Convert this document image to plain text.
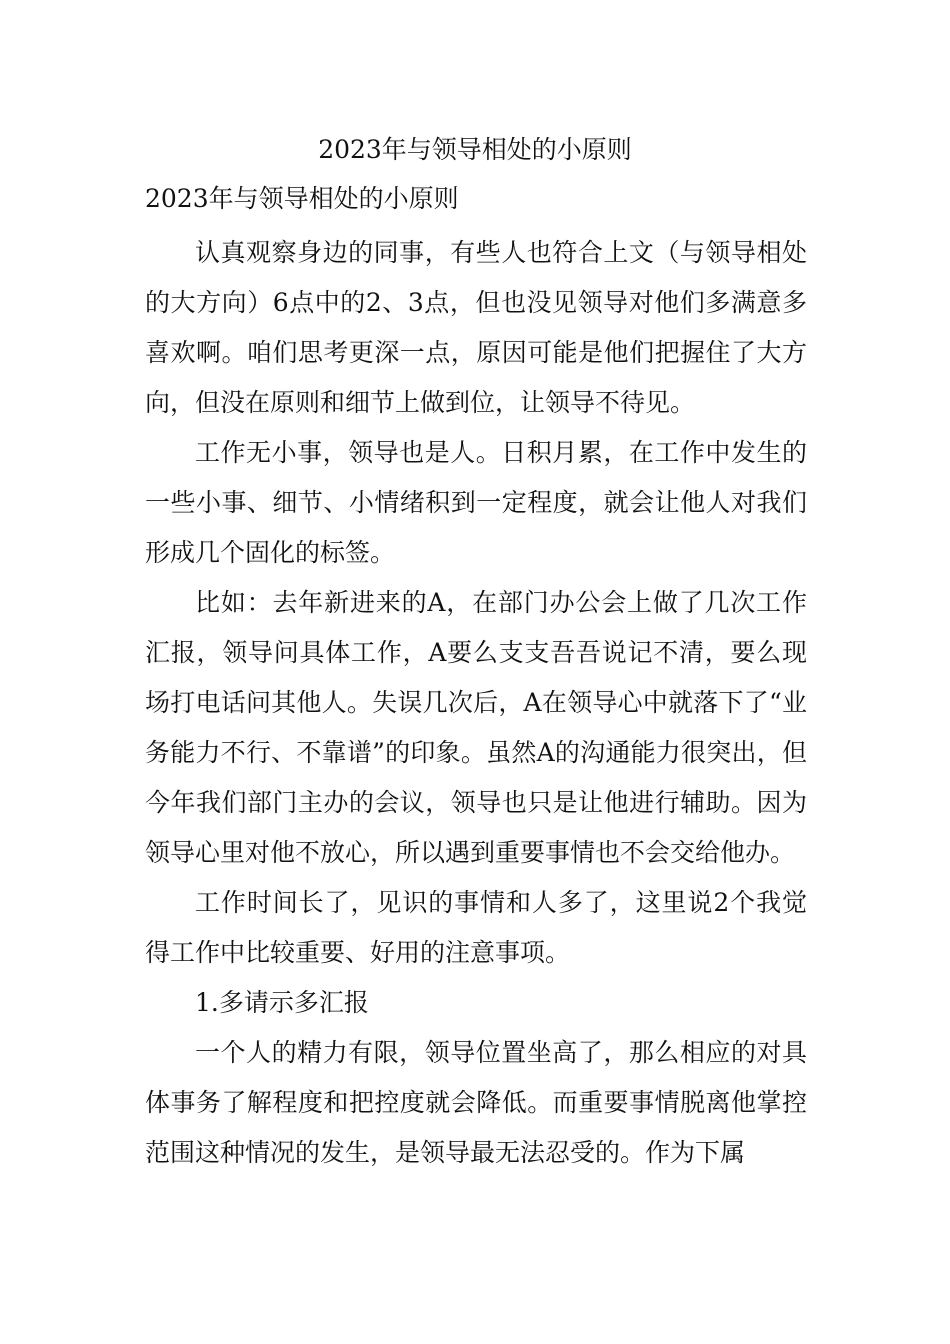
2023年与领导相处的小原则
2023年与领导相处的小原则

认真观察身边的同事，有些人也符合上文（与领导相处的大方向）6点中的2、3点，但也没见领导对他们多满意多喜欢啊。咱们思考更深一点，原因可能是他们把握住了大方向，但没在原则和细节上做到位，让领导不待见。

工作无小事，领导也是人。日积月累，在工作中发生的一些小事、细节、小情绪积到一定程度，就会让他人对我们形成几个固化的标签。

比如：去年新进来的A，在部门办公会上做了几次工作汇报，领导问具体工作，A要么支支吾吾说记不清，要么现场打电话问其他人。失误几次后，A在领导心中就落下了“业务能力不行、不靠谱”的印象。虽然A的沟通能力很突出，但今年我们部门主办的会议，领导也只是让他进行辅助。因为领导心里对他不放心，所以遇到重要事情也不会交给他办。

工作时间长了，见识的事情和人多了，这里说2个我觉得工作中比较重要、好用的注意事项。

1.多请示多汇报

一个人的精力有限，领导位置坐高了，那么相应的对具体事务了解程度和把控度就会降低。而重要事情脱离他掌控范围这种情况的发生，是领导最无法忍受的。作为下属
